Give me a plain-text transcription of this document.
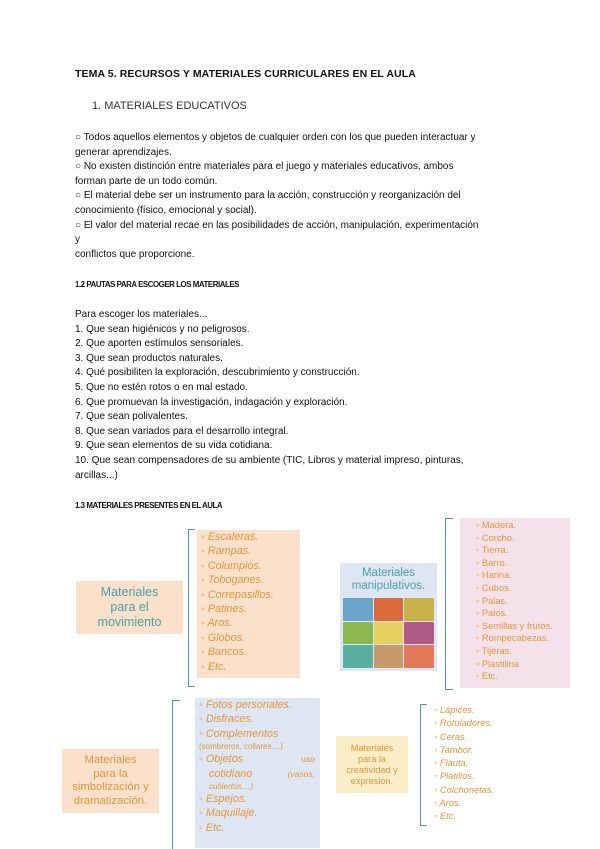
TEMA 5. RECURSOS Y MATERIALES CURRICULARES EN EL AULA
1. MATERIALES EDUCATIVOS
○ Todos aquellos elementos y objetos de cualquier orden con los que pueden interactuar y
generar aprendizajes.
○ No existen distinción entre materiales para el juego y materiales educativos, ambos
forman parte de un todo común.
○ El material debe ser un instrumento para la acción, construcción y reorganización del
conocimiento (físico, emocional y social).
○ El valor del material recae en las posibilidades de acción, manipulación, experimentación
y
conflictos que proporcione.
1.2 PAUTAS PARA ESCOGER LOS MATERIALES
Para escoger los materiales...
1. Que sean higiénicos y no peligrosos.
2. Que aporten estímulos sensoriales.
3. Que sean productos naturales.
4. Qué posibiliten la exploración, descubrimiento y construcción.
5. Que no estén rotos o en mal estado.
6. Que promuevan la investigación, indagación y exploración.
7. Que sean polivalentes.
8. Que sean variados para el desarrollo integral.
9. Que sean elementos de su vida cotidiana.
10. Que sean compensadores de su ambiente (TIC, Libros y material impreso, pinturas,
arcillas...)
1.3 MATERIALES PRESENTES EN EL AULA
Materiales
para el
movimiento
◦ Escaleras.
◦ Rampas.
◦ Columpios.
◦ Toboganes.
◦ Correpasillos.
◦ Patines.
◦ Aros.
◦ Globos.
◦ Bancos.
◦ Etc.
Materiales
manipulativos.
◦ Madera.
◦ Corcho.
◦ Tierra.
◦ Barro.
◦ Harina.
◦ Cubos.
◦ Palas.
◦ Palos.
◦ Semillas y frutos.
◦ Rompecabezas.
◦ Tijeras.
◦ Plastilina
◦ Etc.
Materiales
para la
simbolización y
dramatización.
◦ Fotos personales.
◦ Disfraces.
◦ Complementos
(sombreros, collares....)
◦ Objetos	uso
cotidiano	(vasos,
cubiertos....)
◦ Espejos.
◦ Maquillaje.
◦ Etc.
Materiales
para la
creatividad y
expresión.
◦ Lápices.
◦ Rotuladores.
◦ Ceras.
◦ Tambor.
◦ Flauta.
◦ Platillos.
◦ Colchonetas.
◦ Aros.
◦ Etc.
